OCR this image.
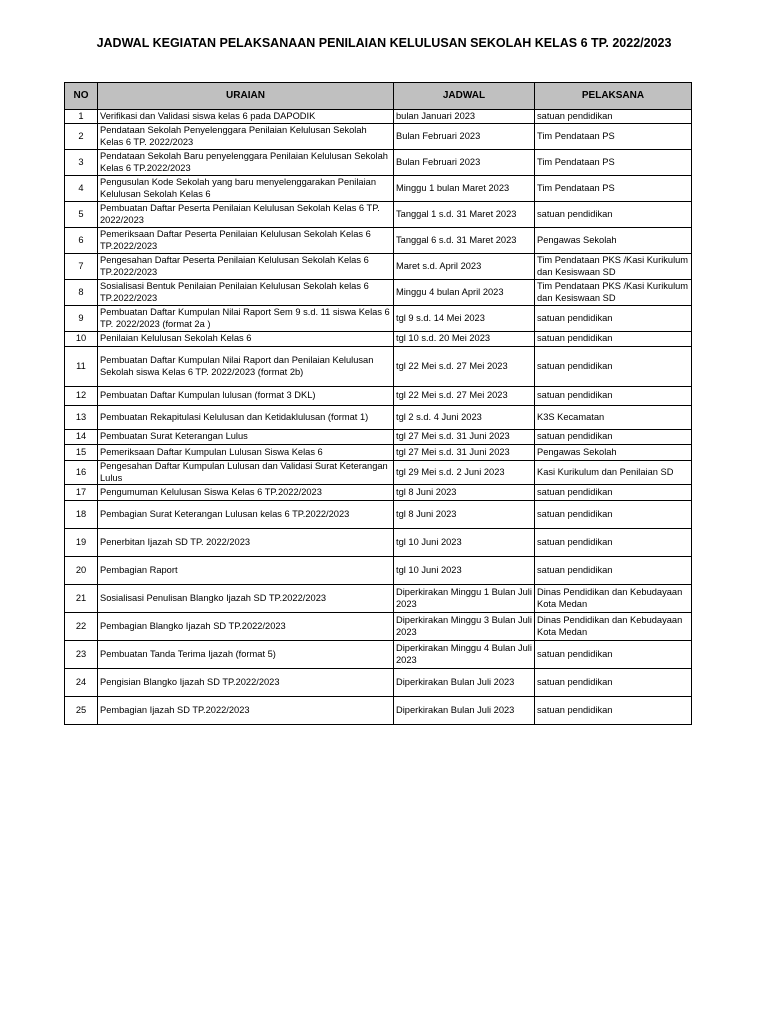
JADWAL KEGIATAN PELAKSANAAN PENILAIAN KELULUSAN SEKOLAH KELAS 6 TP. 2022/2023
NO	URAIAN	JADWAL	PELAKSANA
1	Verifikasi dan Validasi siswa kelas 6 pada DAPODIK	bulan Januari 2023	satuan pendidikan
2	Pendataan Sekolah Penyelenggara Penilaian Kelulusan Sekolah Kelas 6 TP. 2022/2023	Bulan Februari 2023	Tim Pendataan PS
3	Pendataan Sekolah Baru penyelenggara Penilaian Kelulusan Sekolah Kelas 6 TP.2022/2023	Bulan Februari 2023	Tim Pendataan PS
4	Pengusulan Kode Sekolah yang baru menyelenggarakan Penilaian Kelulusan Sekolah Kelas 6	Minggu 1 bulan Maret 2023	Tim Pendataan PS
5	Pembuatan Daftar Peserta Penilaian Kelulusan Sekolah Kelas 6 TP. 2022/2023	Tanggal 1 s.d. 31 Maret 2023	satuan pendidikan
6	Pemeriksaan Daftar Peserta Penilaian Kelulusan Sekolah Kelas 6 TP.2022/2023	Tanggal 6 s.d. 31 Maret 2023	Pengawas Sekolah
7	Pengesahan Daftar Peserta Penilaian Kelulusan Sekolah Kelas 6 TP.2022/2023	Maret s.d. April 2023	Tim Pendataan PKS /Kasi Kurikulum dan Kesiswaan SD
8	Sosialisasi Bentuk Penilaian Penilaian Kelulusan Sekolah kelas 6 TP.2022/2023	Minggu 4 bulan April 2023	Tim Pendataan PKS /Kasi Kurikulum dan Kesiswaan SD
9	Pembuatan Daftar Kumpulan Nilai Raport Sem 9 s.d. 11 siswa Kelas 6 TP. 2022/2023 (format 2a )	tgl 9 s.d. 14 Mei 2023	satuan pendidikan
10	Penilaian Kelulusan Sekolah Kelas 6	tgl 10 s.d. 20 Mei 2023	satuan pendidikan
11	Pembuatan Daftar Kumpulan Nilai Raport dan Penilaian Kelulusan Sekolah siswa Kelas 6 TP. 2022/2023 (format 2b)	tgl 22 Mei s.d. 27 Mei 2023	satuan pendidikan
12	Pembuatan Daftar Kumpulan lulusan (format 3 DKL)	tgl 22 Mei s.d. 27 Mei 2023	satuan pendidikan
13	Pembuatan Rekapitulasi Kelulusan dan Ketidaklulusan (format 1)	tgl 2 s.d. 4 Juni 2023	K3S Kecamatan
14	Pembuatan Surat Keterangan Lulus	tgl 27 Mei s.d. 31 Juni 2023	satuan pendidikan
15	Pemeriksaan Daftar Kumpulan Lulusan Siswa Kelas 6	tgl 27 Mei s.d. 31 Juni 2023	Pengawas Sekolah
16	Pengesahan Daftar Kumpulan Lulusan dan Validasi Surat Keterangan Lulus	tgl 29 Mei s.d. 2 Juni 2023	Kasi Kurikulum dan Penilaian SD
17	Pengumuman Kelulusan Siswa Kelas 6 TP.2022/2023	tgl 8 Juni 2023	satuan pendidikan
18	Pembagian Surat Keterangan Lulusan kelas 6 TP.2022/2023	tgl 8 Juni 2023	satuan pendidikan
19	Penerbitan Ijazah SD TP. 2022/2023	tgl 10 Juni 2023	satuan pendidikan
20	Pembagian Raport	tgl 10 Juni 2023	satuan pendidikan
21	Sosialisasi Penulisan Blangko Ijazah SD TP.2022/2023	Diperkirakan Minggu 1 Bulan Juli 2023	Dinas Pendidikan dan Kebudayaan Kota Medan
22	Pembagian Blangko Ijazah SD TP.2022/2023	Diperkirakan Minggu 3 Bulan Juli 2023	Dinas Pendidikan dan Kebudayaan Kota Medan
23	Pembuatan Tanda Terima Ijazah (format 5)	Diperkirakan Minggu 4 Bulan Juli 2023	satuan pendidikan
24	Pengisian Blangko Ijazah SD TP.2022/2023	Diperkirakan Bulan Juli 2023	satuan pendidikan
25	Pembagian Ijazah SD TP.2022/2023	Diperkirakan Bulan Juli 2023	satuan pendidikan
